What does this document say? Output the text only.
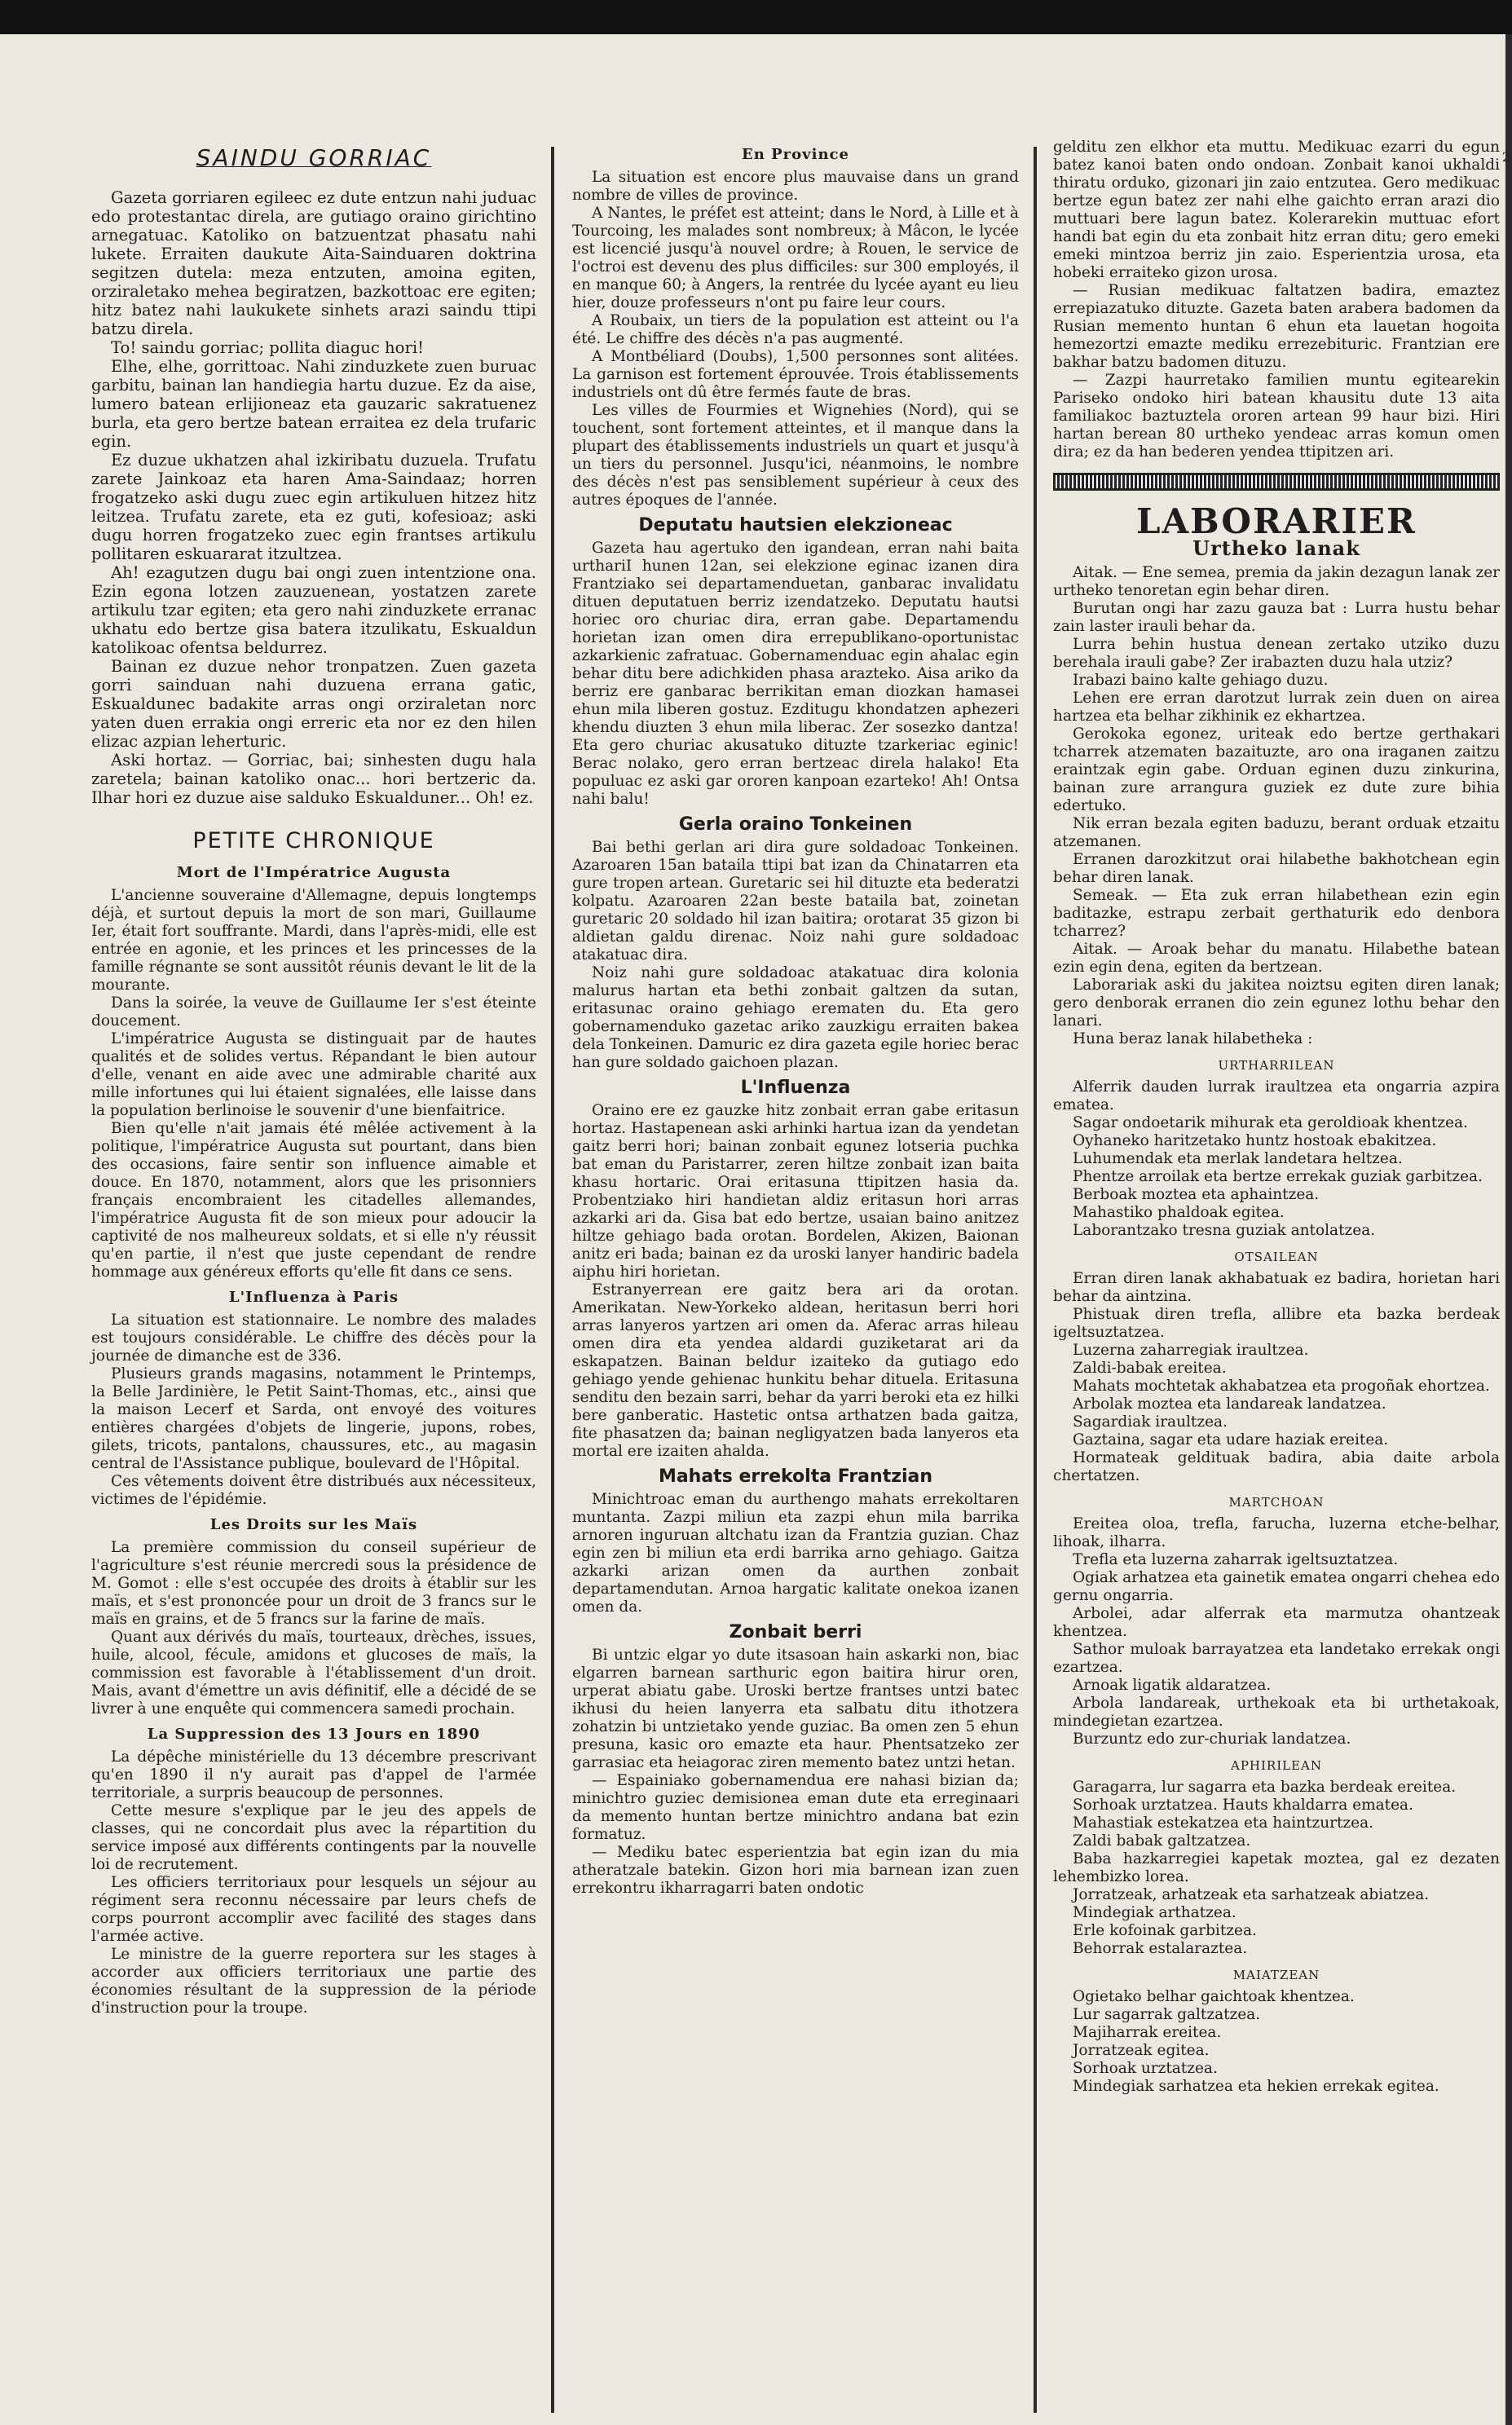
2
SAINDU GORRIAC

Gazeta gorriaren egileec ez dute entzun nahi juduac edo protestantac direla, are gutiago oraino girichtino arnegatuac. Katoliko on batzuentzat phasatu nahi lukete. Erraiten daukute Aita-Sainduaren doktrina segitzen dutela: meza entzuten, amoina egiten, orziraletako mehea begiratzen, bazkottoac ere egiten; hitz batez nahi laukukete sinhets arazi saindu ttipi batzu direla.

To! saindu gorriac; pollita diaguc hori!

Elhe, elhe, gorrittoac. Nahi zinduzkete zuen buruac garbitu, bainan lan handiegia hartu duzue. Ez da aise, lumero batean erlijioneaz eta gauzaric sakratuenez burla, eta gero bertze batean erraitea ez dela trufaric egin.

Ez duzue ukhatzen ahal izkiribatu duzuela. Trufatu zarete Jainkoaz eta haren Ama-Saindaaz; horren frogatzeko aski dugu zuec egin artikuluen hitzez hitz leitzea. Trufatu zarete, eta ez guti, kofesioaz; aski dugu horren frogatzeko zuec egin frantses artikulu pollitaren eskuararat itzultzea.

Ah! ezagutzen dugu bai ongi zuen intentzione ona. Ezin egona lotzen zauzuenean, yostatzen zarete artikulu tzar egiten; eta gero nahi zinduzkete erranac ukhatu edo bertze gisa batera itzulikatu, Eskualdun katolikoac ofentsa beldurrez.

Bainan ez duzue nehor tronpatzen. Zuen gazeta gorri sainduan nahi duzuena errana gatic, Eskualdunec badakite arras ongi orziraletan norc yaten duen errakia ongi erreric eta nor ez den hilen elizac azpian leherturic.

Aski hortaz. — Gorriac, bai; sinhesten dugu hala zaretela; bainan katoliko onac... hori bertzeric da. Ilhar hori ez duzue aise salduko Eskualduner... Oh! ez.

PETITE CHRONIQUE
Mort de l'Impératrice Augusta

L'ancienne souveraine d'Allemagne, depuis longtemps déjà, et surtout depuis la mort de son mari, Guillaume Ier, était fort souffrante. Mardi, dans l'après-midi, elle est entrée en agonie, et les princes et les princesses de la famille régnante se sont aussitôt réunis devant le lit de la mourante.

Dans la soirée, la veuve de Guillaume Ier s'est éteinte doucement.

L'impératrice Augusta se distinguait par de hautes qualités et de solides vertus. Répandant le bien autour d'elle, venant en aide avec une admirable charité aux mille infortunes qui lui étaient signalées, elle laisse dans la population berlinoise le souvenir d'une bienfaitrice.

Bien qu'elle n'ait jamais été mêlée activement à la politique, l'impératrice Augusta sut pourtant, dans bien des occasions, faire sentir son influence aimable et douce. En 1870, notamment, alors que les prisonniers français encombraient les citadelles allemandes, l'impératrice Augusta fit de son mieux pour adoucir la captivité de nos malheureux soldats, et si elle n'y réussit qu'en partie, il n'est que juste cependant de rendre hommage aux généreux efforts qu'elle fit dans ce sens.

L'Influenza à Paris

La situation est stationnaire. Le nombre des malades est toujours considérable. Le chiffre des décès pour la journée de dimanche est de 336.

Plusieurs grands magasins, notamment le Printemps, la Belle Jardinière, le Petit Saint-Thomas, etc., ainsi que la maison Lecerf et Sarda, ont envoyé des voitures entières chargées d'objets de lingerie, jupons, robes, gilets, tricots, pantalons, chaussures, etc., au magasin central de l'Assistance publique, boulevard de l'Hôpital.

Ces vêtements doivent être distribués aux nécessiteux, victimes de l'épidémie.

Les Droits sur les Maïs

La première commission du conseil supérieur de l'agriculture s'est réunie mercredi sous la présidence de M. Gomot : elle s'est occupée des droits à établir sur les maïs, et s'est prononcée pour un droit de 3 francs sur le maïs en grains, et de 5 francs sur la farine de maïs.

Quant aux dérivés du maïs, tourteaux, drèches, issues, huile, alcool, fécule, amidons et glucoses de maïs, la commission est favorable à l'établissement d'un droit. Mais, avant d'émettre un avis définitif, elle a décidé de se livrer à une enquête qui commencera samedi prochain.

La Suppression des 13 Jours en 1890

La dépêche ministérielle du 13 décembre prescrivant qu'en 1890 il n'y aurait pas d'appel de l'armée territoriale, a surpris beaucoup de personnes.

Cette mesure s'explique par le jeu des appels de classes, qui ne concordait plus avec la répartition du service imposé aux différents contingents par la nouvelle loi de recrutement.

Les officiers territoriaux pour lesquels un séjour au régiment sera reconnu nécessaire par leurs chefs de corps pourront accomplir avec facilité des stages dans l'armée active.

Le ministre de la guerre reportera sur les stages à accorder aux officiers territoriaux une partie des économies résultant de la suppression de la période d'instruction pour la troupe.

En Province

La situation est encore plus mauvaise dans un grand nombre de villes de province.

A Nantes, le préfet est atteint; dans le Nord, à Lille et à Tourcoing, les malades sont nombreux; à Mâcon, le lycée est licencié jusqu'à nouvel ordre; à Rouen, le service de l'octroi est devenu des plus difficiles: sur 300 employés, il en manque 60; à Angers, la rentrée du lycée ayant eu lieu hier, douze professeurs n'ont pu faire leur cours.

A Roubaix, un tiers de la population est atteint ou l'a été. Le chiffre des décès n'a pas augmenté.

A Montbéliard (Doubs), 1,500 personnes sont alitées. La garnison est fortement éprouvée. Trois établissements industriels ont dû être fermés faute de bras.

Les villes de Fourmies et Wignehies (Nord), qui se touchent, sont fortement atteintes, et il manque dans la plupart des établissements industriels un quart et jusqu'à un tiers du personnel. Jusqu'ici, néanmoins, le nombre des décès n'est pas sensiblement supérieur à ceux des autres époques de l'année.

Deputatu hautsien elekzioneac

Gazeta hau agertuko den igandean, erran nahi baita urthariI hunen 12an, sei elekzione eginac izanen dira Frantziako sei departamenduetan, ganbarac invalidatu dituen deputatuen berriz izendatzeko. Deputatu hautsi horiec oro churiac dira, erran gabe. Departamendu horietan izan omen dira errepublikano-oportunistac azkarkienic zafratuac. Gobernamenduac egin ahalac egin behar ditu bere adichkiden phasa arazteko. Aisa ariko da berriz ere ganbarac berrikitan eman diozkan hamasei ehun mila liberen gostuz. Ezditugu khondatzen aphezeri khendu diuzten 3 ehun mila liberac. Zer sosezko dantza! Eta gero churiac akusatuko dituzte tzarkeriac eginic! Berac nolako, gero erran bertzeac direla halako! Eta populuac ez aski gar ororen kanpoan ezarteko! Ah! Ontsa nahi balu!

Gerla oraino Tonkeinen

Bai bethi gerlan ari dira gure soldadoac Tonkeinen. Azaroaren 15an bataila ttipi bat izan da Chinatarren eta gure tropen artean. Guretaric sei hil dituzte eta bederatzi kolpatu. Azaroaren 22an beste bataila bat, zoinetan guretaric 20 soldado hil izan baitira; orotarat 35 gizon bi aldietan galdu direnac. Noiz nahi gure soldadoac atakatuac dira.

Noiz nahi gure soldadoac atakatuac dira kolonia malurus hartan eta bethi zonbait galtzen da sutan, eritasunac oraino gehiago erematen du. Eta gero gobernamenduko gazetac ariko zauzkigu erraiten bakea dela Tonkeinen. Damuric ez dira gazeta egile horiec berac han gure soldado gaichoen plazan.

L'Influenza

Oraino ere ez gauzke hitz zonbait erran gabe eritasun hortaz. Hastapenean aski arhinki hartua izan da yendetan gaitz berri hori; bainan zonbait egunez lotseria puchka bat eman du Paristarrer, zeren hiltze zonbait izan baita khasu hortaric. Orai eritasuna ttipitzen hasia da. Probentziako hiri handietan aldiz eritasun hori arras azkarki ari da. Gisa bat edo bertze, usaian baino anitzez hiltze gehiago bada orotan. Bordelen, Akizen, Baionan anitz eri bada; bainan ez da uroski lanyer handiric badela aiphu hiri horietan.

Estranyerrean ere gaitz bera ari da orotan. Amerikatan. New-Yorkeko aldean, heritasun berri hori arras lanyeros yartzen ari omen da. Aferac arras hileau omen dira eta yendea aldardi guziketarat ari da eskapatzen. Bainan beldur izaiteko da gutiago edo gehiago yende gehienac hunkitu behar dituela. Eritasuna senditu den bezain sarri, behar da yarri beroki eta ez hilki bere ganberatic. Hastetic ontsa arthatzen bada gaitza, fite phasatzen da; bainan negligyatzen bada lanyeros eta mortal ere izaiten ahalda.

Mahats errekolta Frantzian

Minichtroac eman du aurthengo mahats errekoltaren muntanta. Zazpi miliun eta zazpi ehun mila barrika arnoren inguruan altchatu izan da Frantzia guzian. Chaz egin zen bi miliun eta erdi barrika arno gehiago. Gaitza azkarki arizan omen da aurthen zonbait departamendutan. Arnoa hargatic kalitate onekoa izanen omen da.

Zonbait berri

Bi untzic elgar yo dute itsasoan hain askarki non, biac elgarren barnean sarthuric egon baitira hirur oren, urperat abiatu gabe. Uroski bertze frantses untzi batec ikhusi du heien lanyerra eta salbatu ditu ithotzera zohatzin bi untzietako yende guziac. Ba omen zen 5 ehun presuna, kasic oro emazte eta haur. Phentsatzeko zer garrasiac eta heiagorac ziren memento batez untzi hetan.

— Espainiako gobernamendua ere nahasi bizian da; minichtro guziec demisionea eman dute eta erreginaari da memento huntan bertze minichtro andana bat ezin formatuz.

— Mediku batec esperientzia bat egin izan du mia atheratzale batekin. Gizon hori mia barnean izan zuen errekontru ikharragarri baten ondotic

gelditu zen elkhor eta muttu. Medikuac ezarri du egun batez kanoi baten ondo ondoan. Zonbait kanoi ukhaldi thiratu orduko, gizonari jin zaio entzutea. Gero medikuac bertze egun batez zer nahi elhe gaichto erran arazi dio muttuari bere lagun batez. Kolerarekin muttuac efort handi bat egin du eta zonbait hitz erran ditu; gero emeki emeki mintzoa berriz jin zaio. Esperientzia urosa, eta hobeki erraiteko gizon urosa.

— Rusian medikuac faltatzen badira, emaztez errepiazatuko dituzte. Gazeta baten arabera badomen da Rusian memento huntan 6 ehun eta lauetan hogoita hemezortzi emazte mediku errezebituric. Frantzian ere bakhar batzu badomen dituzu.

— Zazpi haurretako familien muntu egitearekin Pariseko ondoko hiri batean khausitu dute 13 aita familiakoc baztuztela ororen artean 99 haur bizi. Hiri hartan berean 80 urtheko yendeac arras komun omen dira; ez da han bederen yendea ttipitzen ari.

LABORARIER
Urtheko lanak

Aitak. — Ene semea, premia da jakin dezagun lanak zer urtheko tenoretan egin behar diren.

Burutan ongi har zazu gauza bat : Lurra hustu behar zain laster irauli behar da.

Lurra behin hustua denean zertako utziko duzu berehala irauli gabe? Zer irabazten duzu hala utziz?

Irabazi baino kalte gehiago duzu.

Lehen ere erran darotzut lurrak zein duen on airea hartzea eta belhar zikhinik ez ekhartzea.

Gerokoka egonez, uriteak edo bertze gerthakari tcharrek atzematen bazaituzte, aro ona iraganen zaitzu eraintzak egin gabe. Orduan eginen duzu zinkurina, bainan zure arrangura guziek ez dute zure bihia edertuko.

Nik erran bezala egiten baduzu, berant orduak etzaitu atzemanen.

Erranen darozkitzut orai hilabethe bakhotchean egin behar diren lanak.

Semeak. — Eta zuk erran hilabethean ezin egin baditazke, estrapu zerbait gerthaturik edo denbora tcharrez?

Aitak. — Aroak behar du manatu. Hilabethe batean ezin egin dena, egiten da bertzean.

Laborariak aski du jakitea noiztsu egiten diren lanak; gero denborak erranen dio zein egunez lothu behar den lanari.

Huna beraz lanak hilabetheka :

URTHARRILEAN

Alferrik dauden lurrak iraultzea eta ongarria azpira ematea.

Sagar ondoetarik mihurak eta geroldioak khentzea.

Oyhaneko haritzetako huntz hostoak ebakitzea.

Luhumendak eta merlak landetara heltzea.

Phentze arroilak eta bertze errekak guziak garbitzea.

Berboak moztea eta aphaintzea.

Mahastiko phaldoak egitea.

Laborantzako tresna guziak antolatzea.

OTSAILEAN

Erran diren lanak akhabatuak ez badira, horietan hari behar da aintzina.

Phistuak diren trefla, allibre eta bazka berdeak igeltsuztatzea.

Luzerna zaharregiak iraultzea.

Zaldi-babak ereitea.

Mahats mochtetak akhabatzea eta progoñak ehortzea.

Arbolak moztea eta landareak landatzea.

Sagardiak iraultzea.

Gaztaina, sagar eta udare haziak ereitea.

Hormateak geldituak badira, abia daite arbola chertatzen.

MARTCHOAN

Ereitea oloa, trefla, farucha, luzerna etche-belhar, lihoak, ilharra.

Trefla eta luzerna zaharrak igeltsuztatzea.

Ogiak arhatzea eta gainetik ematea ongarri chehea edo gernu ongarria.

Arbolei, adar alferrak eta marmutza ohantzeak khentzea.

Sathor muloak barrayatzea eta landetako errekak ongi ezartzea.

Arnoak ligatik aldaratzea.

Arbola landareak, urthekoak eta bi urthetakoak, mindegietan ezartzea.

Burzuntz edo zur-churiak landatzea.

APHIRILEAN

Garagarra, lur sagarra eta bazka berdeak ereitea.

Sorhoak urztatzea. Hauts khaldarra ematea.

Mahastiak estekatzea eta haintzurtzea.

Zaldi babak galtzatzea.

Baba hazkarregiei kapetak moztea, gal ez dezaten lehembizko lorea.

Jorratzeak, arhatzeak eta sarhatzeak abiatzea.

Mindegiak arthatzea.

Erle kofoinak garbitzea.

Behorrak estalaraztea.

MAIATZEAN

Ogietako belhar gaichtoak khentzea.

Lur sagarrak galtzatzea.

Majiharrak ereitea.

Jorratzeak egitea.

Sorhoak urztatzea.

Mindegiak sarhatzea eta hekien errekak egitea.
